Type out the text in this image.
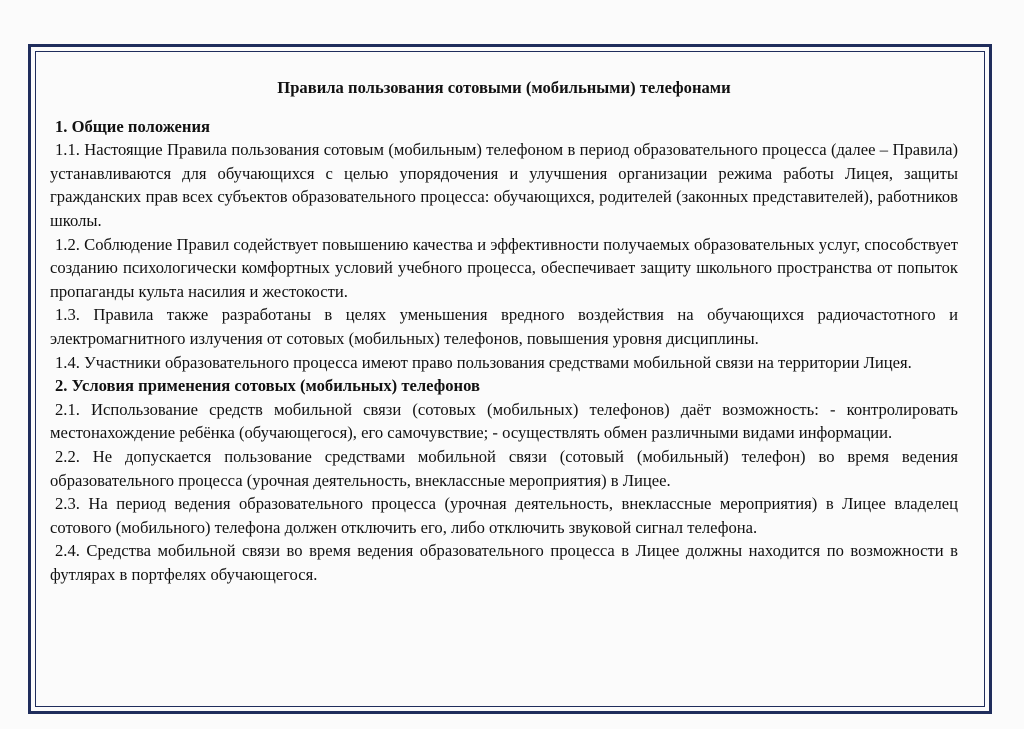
Правила пользования сотовыми (мобильными) телефонами
1. Общие положения

1.1. Настоящие Правила пользования сотовым (мобильным) телефоном в период образовательного процесса (далее – Правила) устанавливаются для обучающихся с целью упорядочения и улучшения организации режима работы Лицея, защиты гражданских прав всех субъектов образовательного процесса: обучающихся, родителей (законных представителей), работников школы.

1.2. Соблюдение Правил содействует повышению качества и эффективности получаемых образовательных услуг, способствует созданию психологически комфортных условий учебного процесса, обеспечивает защиту школьного пространства от попыток пропаганды культа насилия и жестокости.

1.3. Правила также разработаны в целях уменьшения вредного воздействия на обучающихся радиочастотного и электромагнитного излучения от сотовых (мобильных) телефонов, повышения уровня дисциплины.

1.4. Участники образовательного процесса имеют право пользования средствами мобильной связи на территории Лицея.

2. Условия применения сотовых (мобильных) телефонов

2.1. Использование средств мобильной связи (сотовых (мобильных) телефонов) даёт возможность: - контролировать местонахождение ребёнка (обучающегося), его самочувствие; - осуществлять обмен различными видами информации.

2.2. Не допускается пользование средствами мобильной связи (сотовый (мобильный) телефон) во время ведения образовательного процесса (урочная деятельность, внеклассные мероприятия) в Лицее.

2.3. На период ведения образовательного процесса (урочная деятельность, внеклассные мероприятия) в Лицее владелец сотового (мобильного) телефона должен отключить его, либо отключить звуковой сигнал телефона.

2.4. Средства мобильной связи во время ведения образовательного процесса в Лицее должны находится по возможности в футлярах в портфелях обучающегося.
